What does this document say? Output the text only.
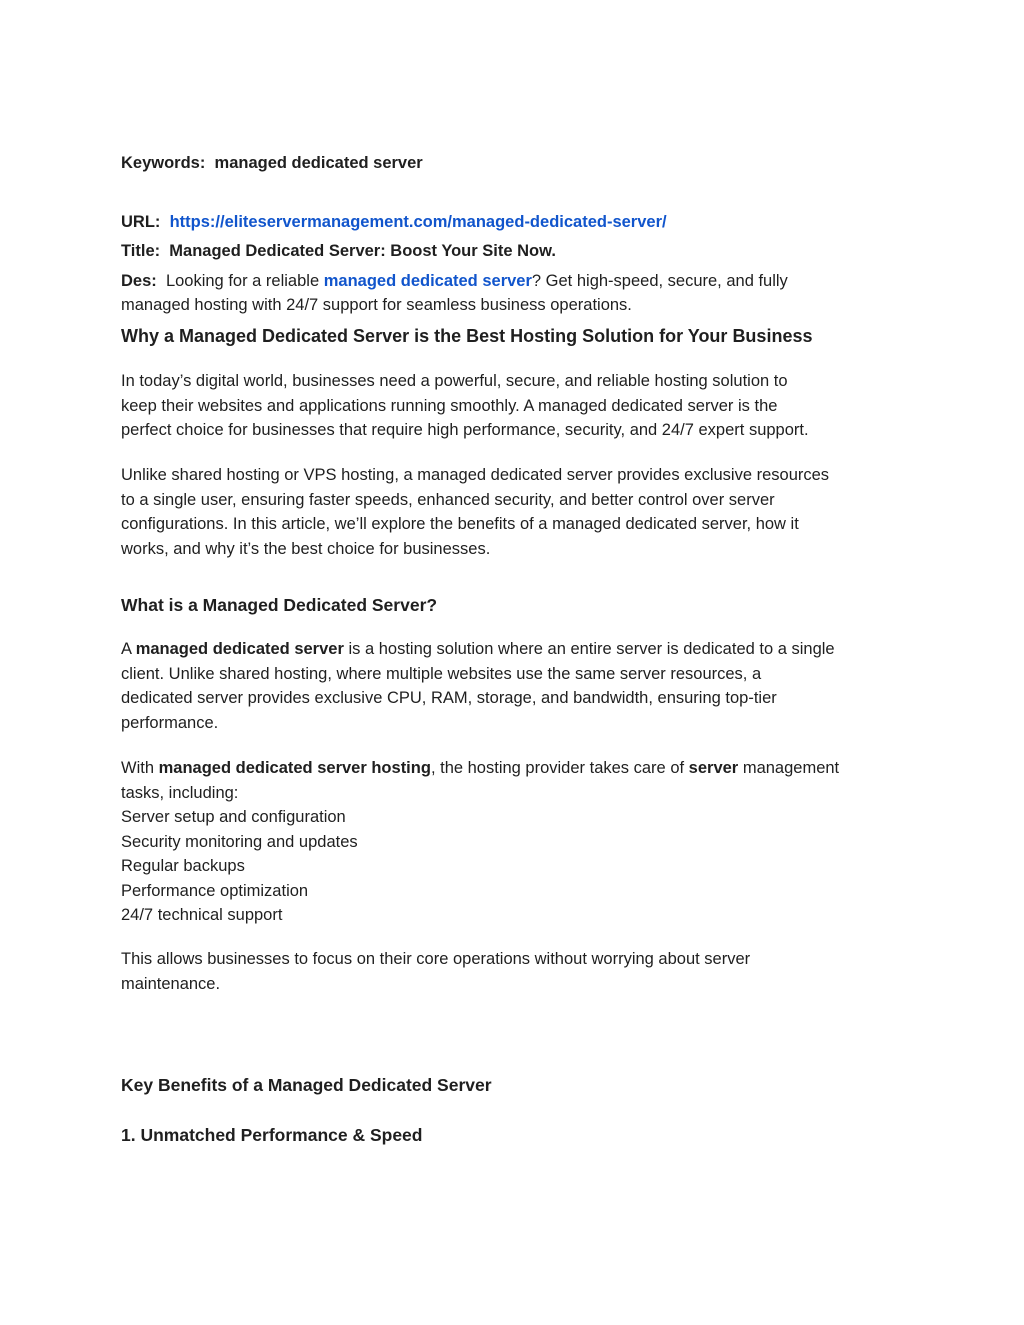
Keywords: managed dedicated server
URL: https://eliteservermanagement.com/managed-dedicated-server/
Title: Managed Dedicated Server: Boost Your Site Now.
Des: Looking for a reliable managed dedicated server? Get high-speed, secure, and fully
managed hosting with 24/7 support for seamless business operations.
Why a Managed Dedicated Server is the Best Hosting Solution for Your Business
In today’s digital world, businesses need a powerful, secure, and reliable hosting solution to
keep their websites and applications running smoothly. A managed dedicated server is the
perfect choice for businesses that require high performance, security, and 24/7 expert support.
Unlike shared hosting or VPS hosting, a managed dedicated server provides exclusive resources
to a single user, ensuring faster speeds, enhanced security, and better control over server
configurations. In this article, we’ll explore the benefits of a managed dedicated server, how it
works, and why it’s the best choice for businesses.
What is a Managed Dedicated Server?
A managed dedicated server is a hosting solution where an entire server is dedicated to a single
client. Unlike shared hosting, where multiple websites use the same server resources, a
dedicated server provides exclusive CPU, RAM, storage, and bandwidth, ensuring top-tier
performance.
With managed dedicated server hosting, the hosting provider takes care of server management
tasks, including:
Server setup and configuration
Security monitoring and updates
Regular backups
Performance optimization
24/7 technical support
This allows businesses to focus on their core operations without worrying about server
maintenance.
Key Benefits of a Managed Dedicated Server
1. Unmatched Performance & Speed
